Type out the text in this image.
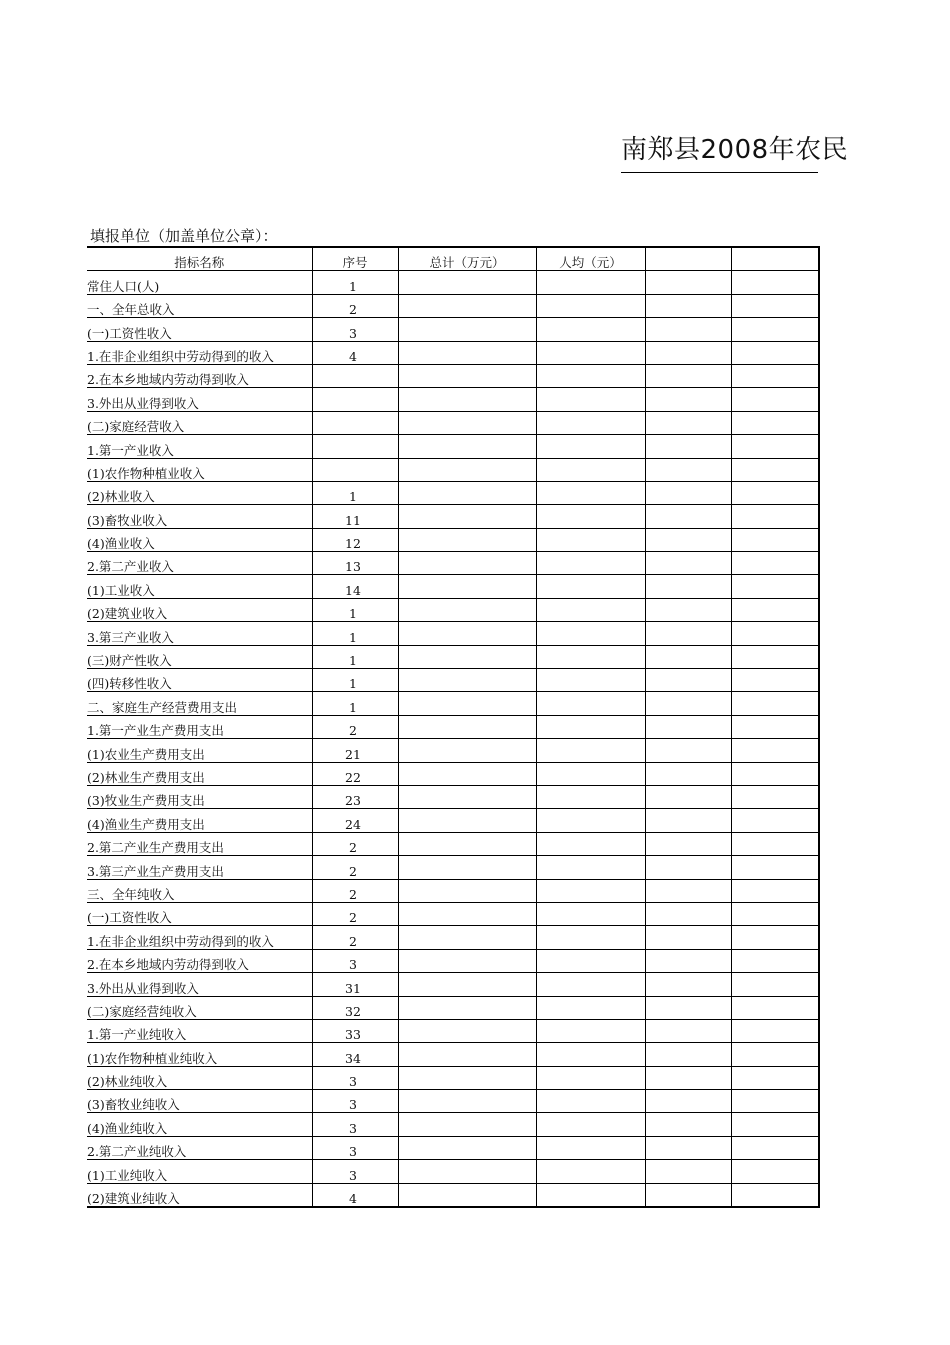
南郑县2008年农民
填报单位（加盖单位公章）：
指标名称	序号	总计（万元）	人均（元）		
常住人口(人)	1				
一、全年总收入	2				
(一)工资性收入	3				
1.在非企业组织中劳动得到的收入	4				
2.在本乡地域内劳动得到收入					
3.外出从业得到收入					
(二)家庭经营收入					
1.第一产业收入					
(1)农作物种植业收入					
(2)林业收入	1				
(3)畜牧业收入	11				
(4)渔业收入	12				
2.第二产业收入	13				
(1)工业收入	14				
(2)建筑业收入	1				
3.第三产业收入	1				
(三)财产性收入	1				
(四)转移性收入	1				
二、家庭生产经营费用支出	1				
1.第一产业生产费用支出	2				
(1)农业生产费用支出	21				
(2)林业生产费用支出	22				
(3)牧业生产费用支出	23				
(4)渔业生产费用支出	24				
2.第二产业生产费用支出	2				
3.第三产业生产费用支出	2				
三、全年纯收入	2				
(一)工资性收入	2				
1.在非企业组织中劳动得到的收入	2				
2.在本乡地域内劳动得到收入	3				
3.外出从业得到收入	31				
(二)家庭经营纯收入	32				
1.第一产业纯收入	33				
(1)农作物种植业纯收入	34				
(2)林业纯收入	3				
(3)畜牧业纯收入	3				
(4)渔业纯收入	3				
2.第二产业纯收入	3				
(1)工业纯收入	3				
(2)建筑业纯收入	4				
